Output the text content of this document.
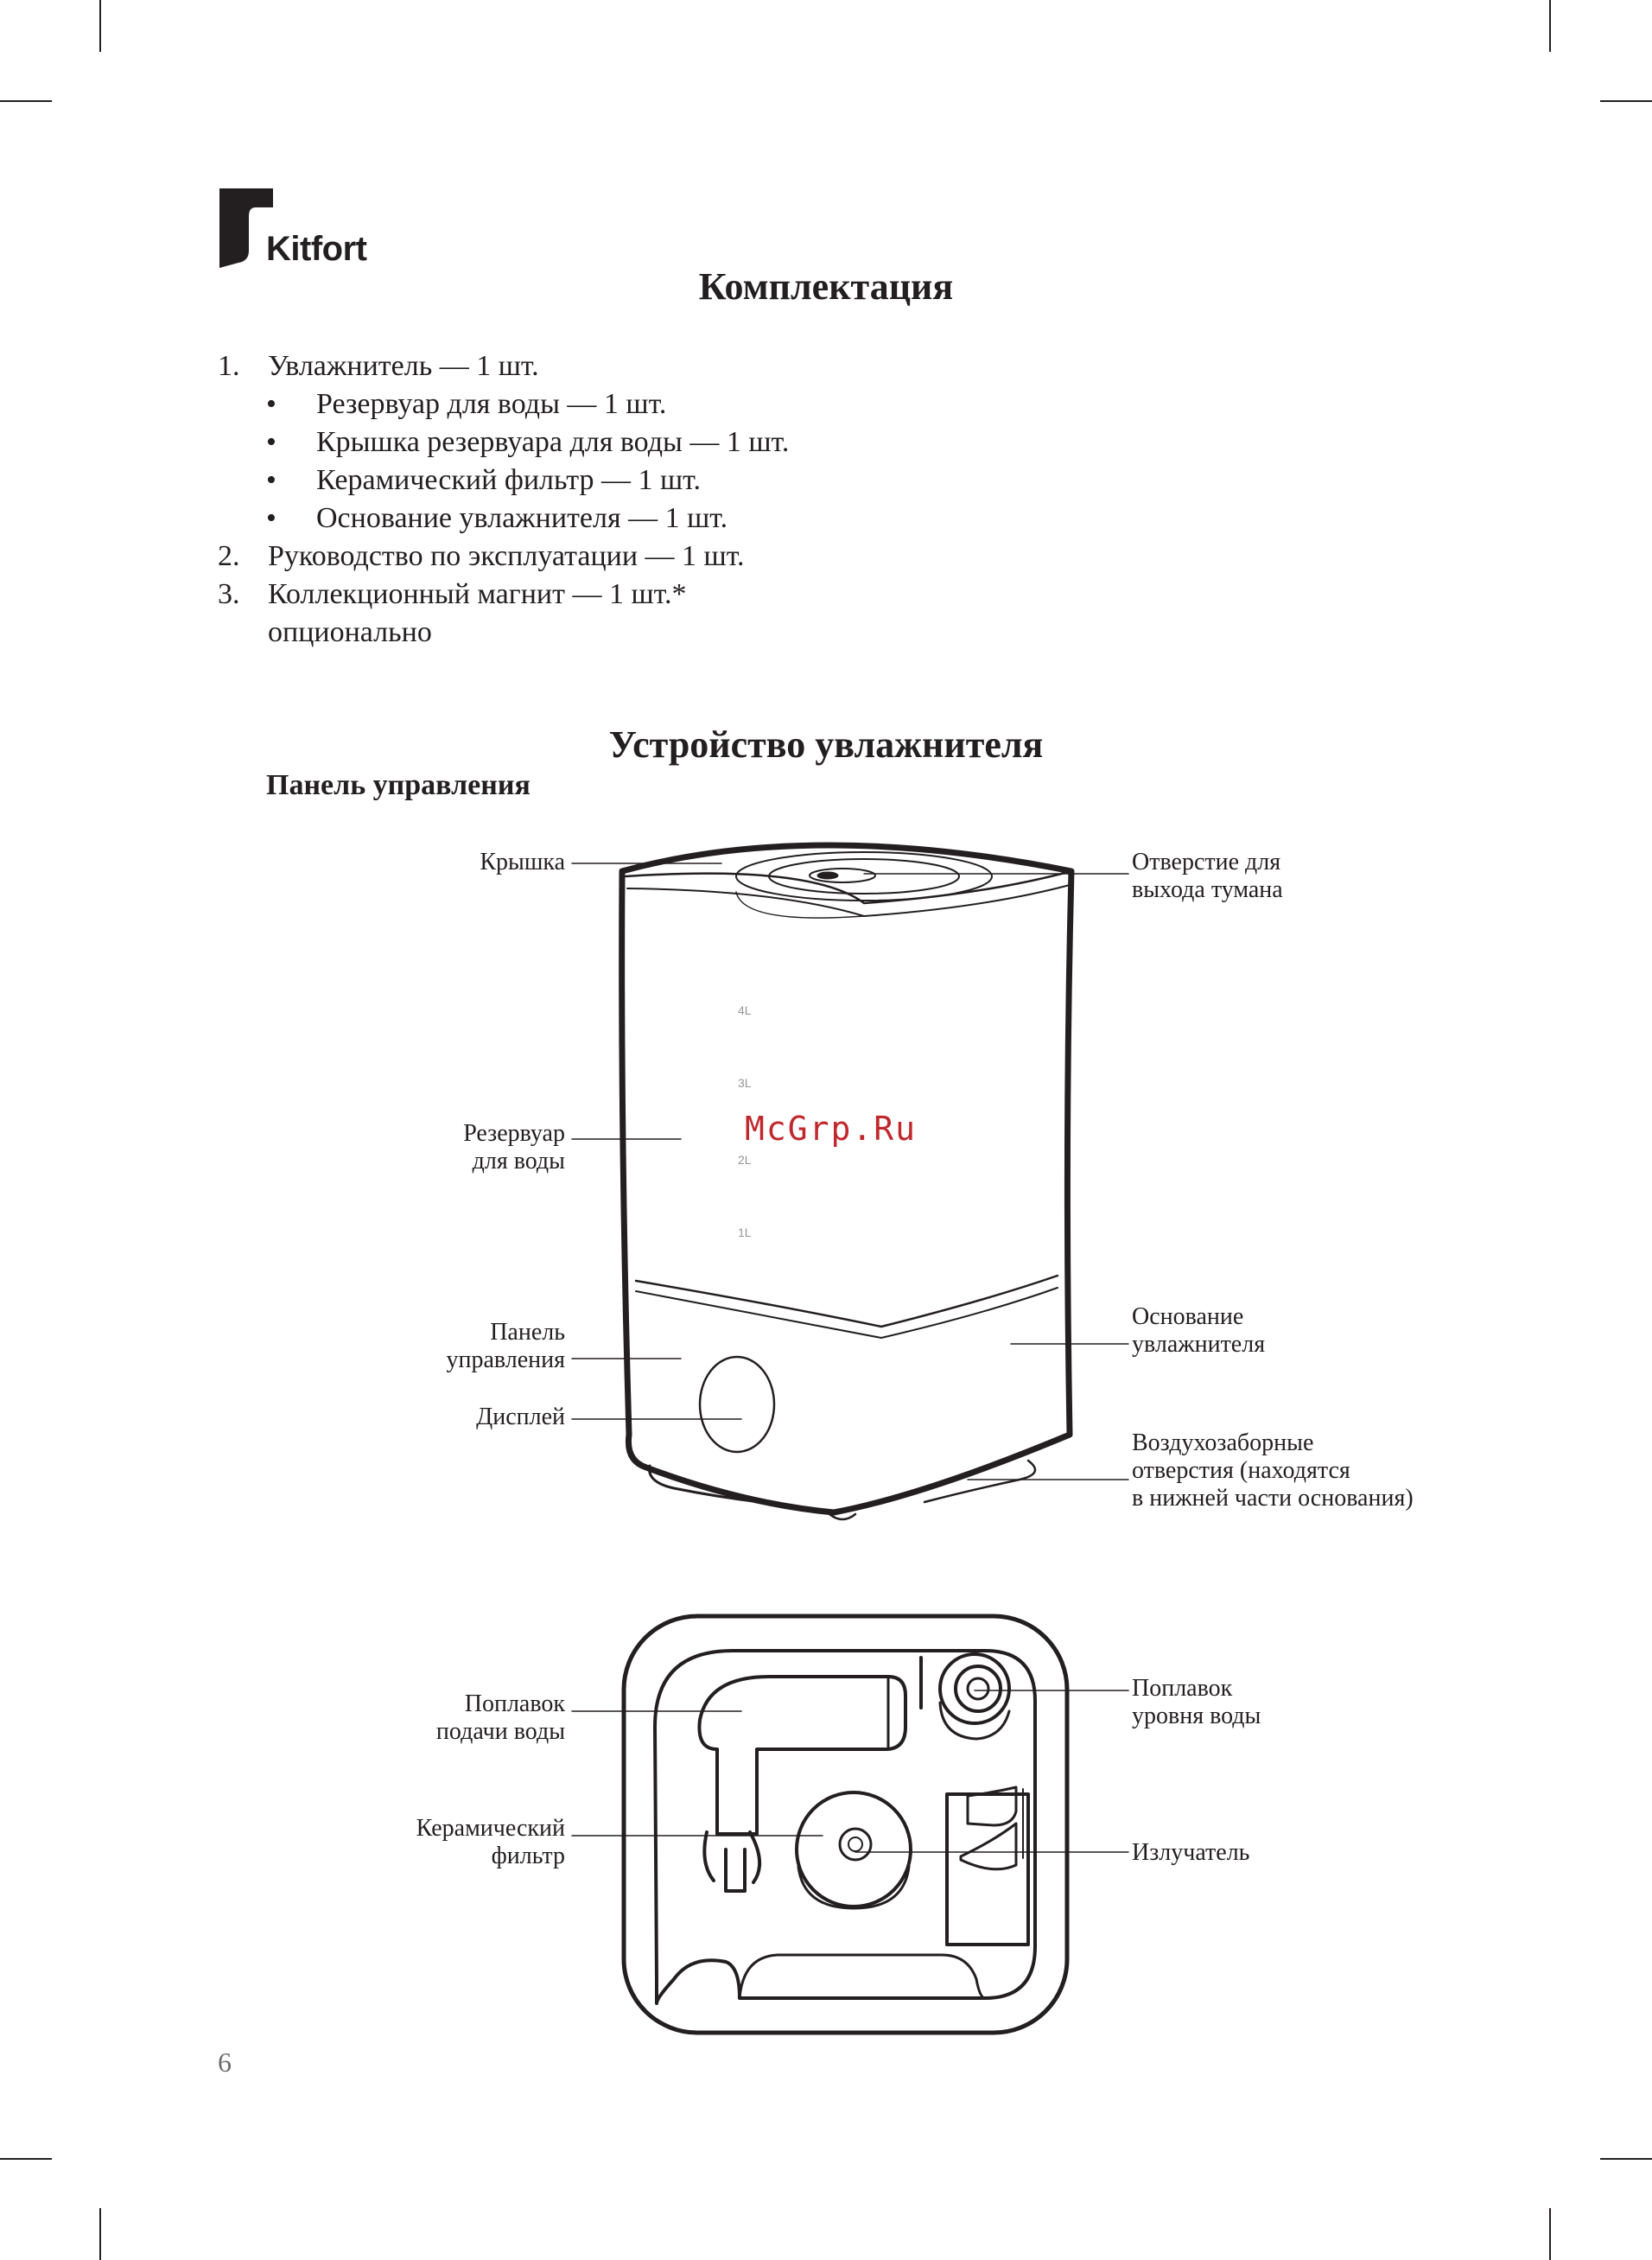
Kitfort
Комплектация
1. Увлажнитель — 1 шт.
• Резервуар для воды — 1 шт.
• Крышка резервуара для воды — 1 шт.
• Керамический фильтр — 1 шт.
• Основание увлажнителя — 1 шт.
2. Руководство по эксплуатации — 1 шт.
3. Коллекционный магнит — 1 шт.*
опционально
Устройство увлажнителя
Панель управления
4L
3L
2L
1L
Крышка	Отверстие для
выхода тумана
Резервуар
для воды
Основание
увлажнителя
Панель
управления
Дисплей
Воздухозаборные
отверстия (находятся
в нижней части основания)
Поплавок
подачи воды
Поплавок
уровня воды
Керамический
фильтр	Излучатель
McGrp.Ru
6
